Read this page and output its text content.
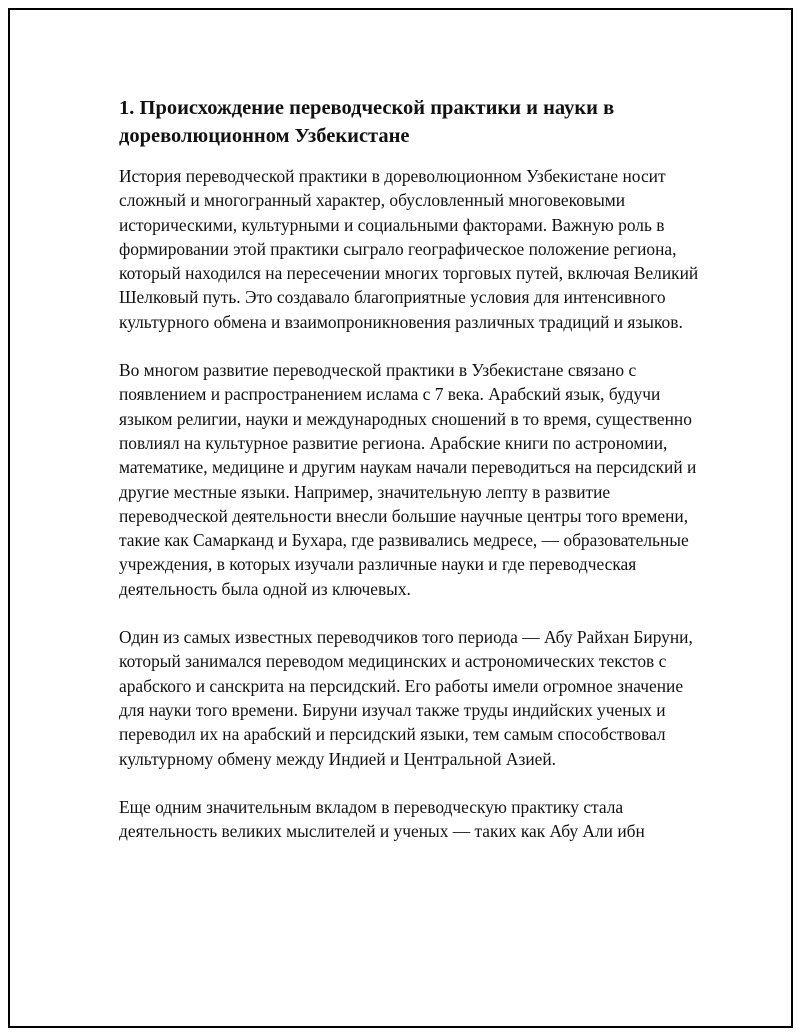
1. Происхождение переводческой практики и науки в дореволюционном Узбекистане

История переводческой практики в дореволюционном Узбекистане носит сложный и многогранный характер, обусловленный многовековыми историческими, культурными и социальными факторами. Важную роль в формировании этой практики сыграло географическое положение региона, который находился на пересечении многих торговых путей, включая Великий Шелковый путь. Это создавало благоприятные условия для интенсивного культурного обмена и взаимопроникновения различных традиций и языков.

Во многом развитие переводческой практики в Узбекистане связано с появлением и распространением ислама с 7 века. Арабский язык, будучи языком религии, науки и международных сношений в то время, существенно повлиял на культурное развитие региона. Арабские книги по астрономии, математике, медицине и другим наукам начали переводиться на персидский и другие местные языки. Например, значительную лепту в развитие переводческой деятельности внесли большие научные центры того времени, такие как Самарканд и Бухара, где развивались медресе, — образовательные учреждения, в которых изучали различные науки и где переводческая деятельность была одной из ключевых.

Один из самых известных переводчиков того периода — Абу Райхан Бируни, который занимался переводом медицинских и астрономических текстов с арабского и санскрита на персидский. Его работы имели огромное значение для науки того времени. Бируни изучал также труды индийских ученых и переводил их на арабский и персидский языки, тем самым способствовал культурному обмену между Индией и Центральной Азией.

Еще одним значительным вкладом в переводческую практику стала деятельность великих мыслителей и ученых — таких как Абу Али ибн
